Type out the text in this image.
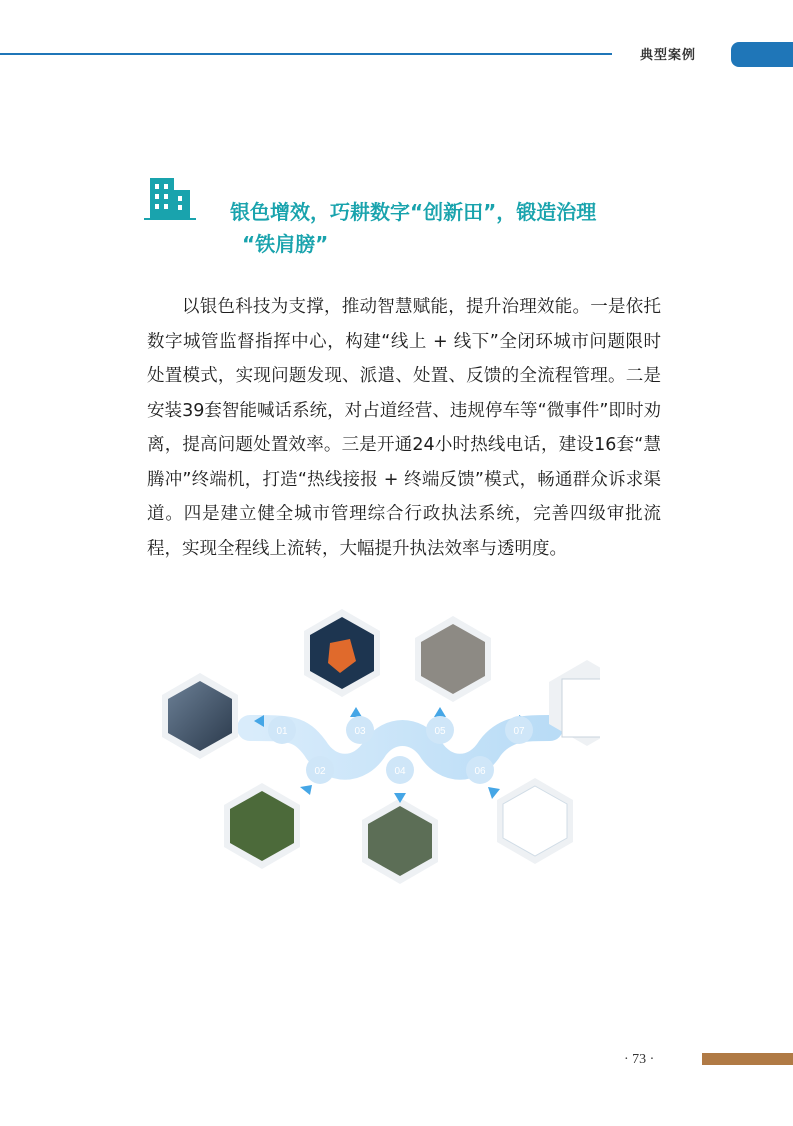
典型案例
银色增效，巧耕数字“创新田”，锻造治理
“铁肩膀”

以银色科技为支撑，推动智慧赋能，提升治理效能。一是依托数字城管监督指挥中心，构建“线上 + 线下”全闭环城市问题限时处置模式，实现问题发现、派遣、处置、反馈的全流程管理。二是安装39套智能喊话系统，对占道经营、违规停车等“微事件”即时劝离，提高问题处置效率。三是开通24小时热线电话，建设16套“慧腾冲”终端机，打造“热线接报 + 终端反馈”模式，畅通群众诉求渠道。四是建立健全城市管理综合行政执法系统，完善四级审批流程，实现全程线上流转，大幅提升执法效率与透明度。

01
02
03
04
05
06
07
· 73 ·
